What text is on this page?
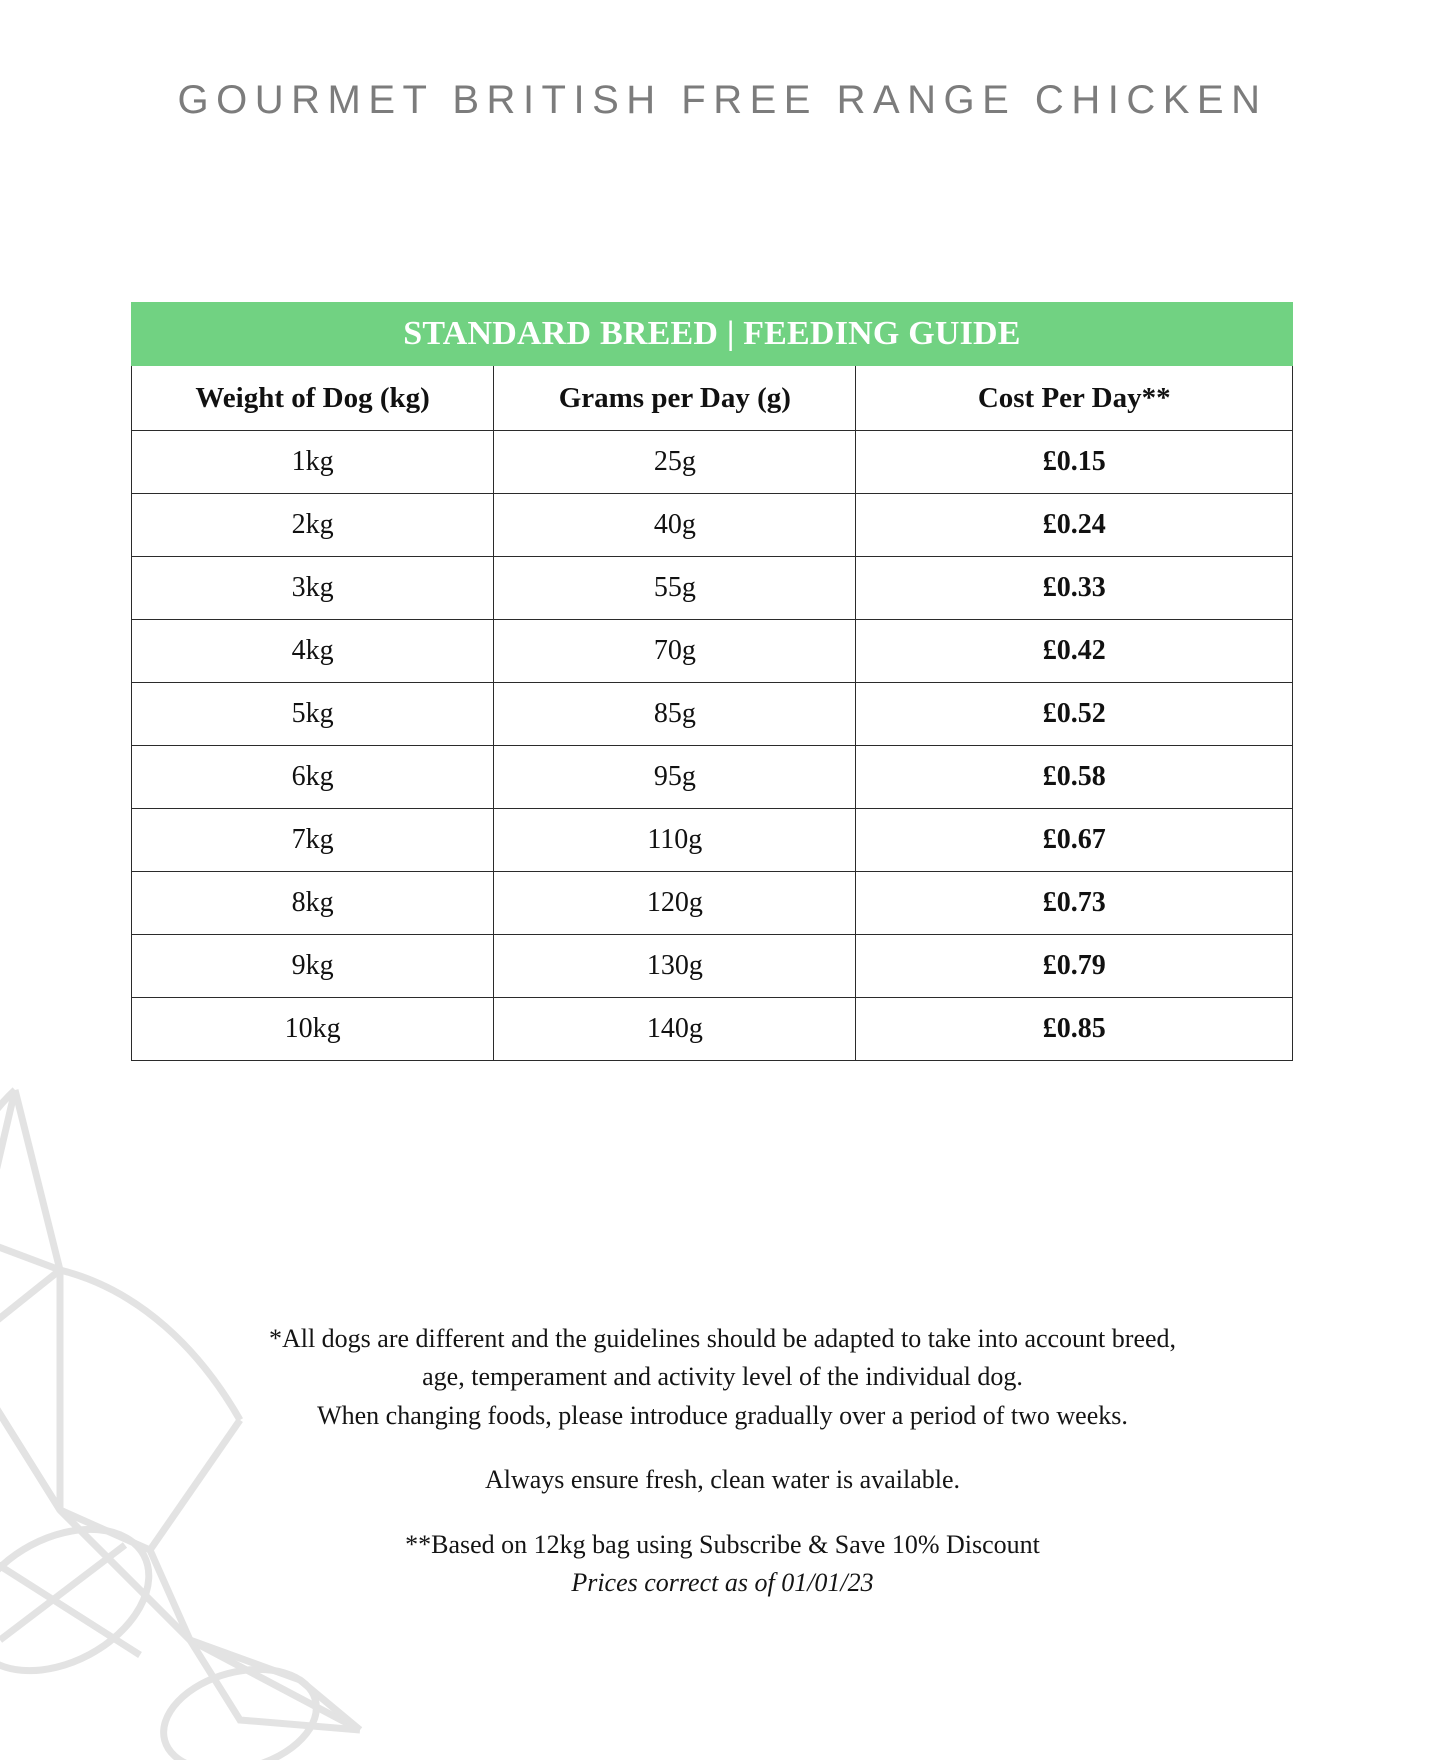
GOURMET BRITISH FREE RANGE CHICKEN
STANDARD BREED | FEEDING GUIDE		
Weight of Dog (kg)	Grams per Day (g)	Cost Per Day**
1kg	25g	£0.15
2kg	40g	£0.24
3kg	55g	£0.33
4kg	70g	£0.42
5kg	85g	£0.52
6kg	95g	£0.58
7kg	110g	£0.67
8kg	120g	£0.73
9kg	130g	£0.79
10kg	140g	£0.85
*All dogs are different and the guidelines should be adapted to take into account breed,
age, temperament and activity level of the individual dog.
When changing foods, please introduce gradually over a period of two weeks.
Always ensure fresh, clean water is available.
**Based on 12kg bag using Subscribe & Save 10% Discount
Prices correct as of 01/01/23
